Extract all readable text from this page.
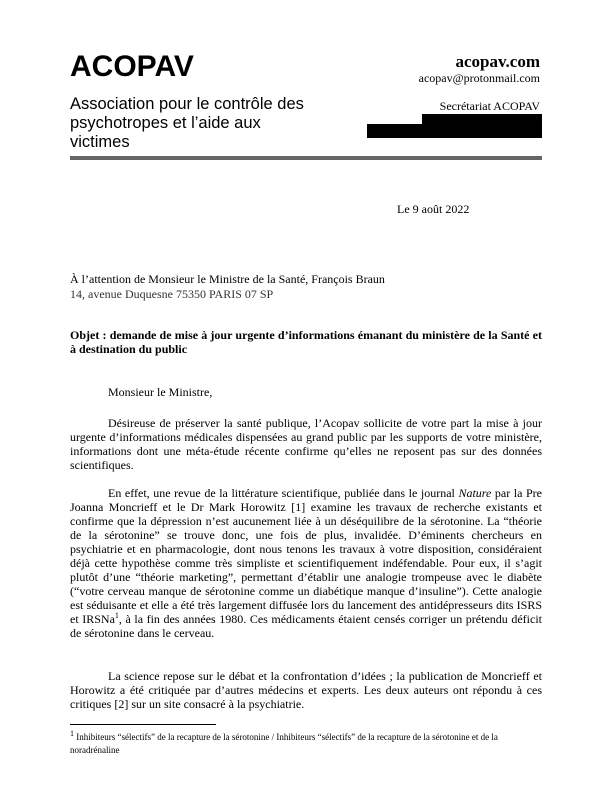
ACOPAV
Association pour le contrôle des psychotropes et l’aide aux victimes
acopav.com
acopav@protonmail.com
Secrétariat ACOPAV
Le 9 août 2022
À l’attention de Monsieur le Ministre de la Santé, François Braun
14, avenue Duquesne 75350 PARIS 07 SP
Objet : demande de mise à jour urgente d’informations émanant du ministère de la Santé et à destination du public
Monsieur le Ministre,
Désireuse de préserver la santé publique, l’Acopav sollicite de votre part la mise à jour urgente d’informations médicales dispensées au grand public par les supports de votre ministère, informations dont une méta-étude récente confirme qu’elles ne reposent pas sur des données scientifiques.
En effet, une revue de la littérature scientifique, publiée dans le journal Nature par la Pre Joanna Moncrieff et le Dr Mark Horowitz [1] examine les travaux de recherche existants et confirme que la dépression n’est aucunement liée à un déséquilibre de la sérotonine. La “théorie de la sérotonine” se trouve donc, une fois de plus, invalidée. D’éminents chercheurs en psychiatrie et en pharmacologie, dont nous tenons les travaux à votre disposition, considéraient déjà cette hypothèse comme très simpliste et scientifiquement indéfendable. Pour eux, il s’agit plutôt d’une “théorie marketing”, permettant d’établir une analogie trompeuse avec le diabète (“votre cerveau manque de sérotonine comme un diabétique manque d’insuline”). Cette analogie est séduisante et elle a été très largement diffusée lors du lancement des antidépresseurs dits ISRS et IRSNa$^1$, à la fin des années 1980. Ces médicaments étaient censés corriger un prétendu déficit de sérotonine dans le cerveau.
La science repose sur le débat et la confrontation d’idées ; la publication de Moncrieff et Horowitz a été critiquée par d’autres médecins et experts. Les deux auteurs ont répondu à ces critiques [2] sur un site consacré à la psychiatrie.
1 Inhibiteurs “sélectifs” de la recapture de la sérotonine / Inhibiteurs “sélectifs” de la recapture de la sérotonine et de la noradrénaline
